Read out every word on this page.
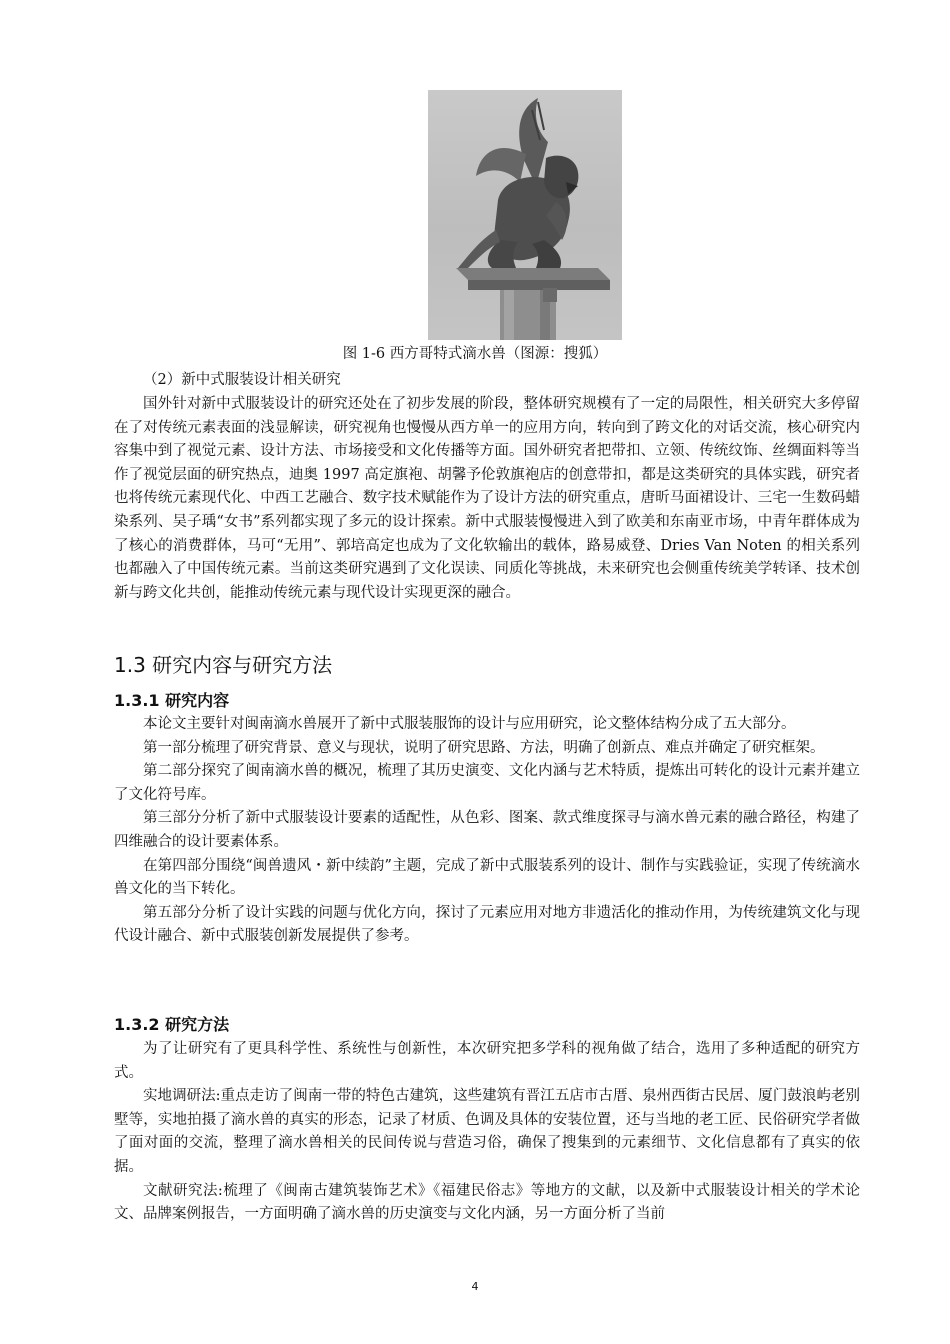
图 1-6 西方哥特式滴水兽（图源：搜狐）
（2）新中式服装设计相关研究

国外针对新中式服装设计的研究还处在了初步发展的阶段，整体研究规模有了一定的局限性，相关研究大多停留在了对传统元素表面的浅显解读，研究视角也慢慢从西方单一的应用方向，转向到了跨文化的对话交流，核心研究内容集中到了视觉元素、设计方法、市场接受和文化传播等方面。国外研究者把带扣、立领、传统纹饰、丝绸面料等当作了视觉层面的研究热点，迪奥 1997 高定旗袍、胡馨予伦敦旗袍店的创意带扣，都是这类研究的具体实践，研究者也将传统元素现代化、中西工艺融合、数字技术赋能作为了设计方法的研究重点，唐昕马面裙设计、三宅一生数码蜡染系列、吴子瑀“女书”系列都实现了多元的设计探索。新中式服装慢慢进入到了欧美和东南亚市场，中青年群体成为了核心的消费群体，马可“无用”、郭培高定也成为了文化软输出的载体，路易威登、Dries Van Noten 的相关系列也都融入了中国传统元素。当前这类研究遇到了文化误读、同质化等挑战，未来研究也会侧重传统美学转译、技术创新与跨文化共创，能推动传统元素与现代设计实现更深的融合。

1.3 研究内容与研究方法
1.3.1 研究内容

本论文主要针对闽南滴水兽展开了新中式服装服饰的设计与应用研究，论文整体结构分成了五大部分。

第一部分梳理了研究背景、意义与现状，说明了研究思路、方法，明确了创新点、难点并确定了研究框架。

第二部分探究了闽南滴水兽的概况，梳理了其历史演变、文化内涵与艺术特质，提炼出可转化的设计元素并建立了文化符号库。

第三部分分析了新中式服装设计要素的适配性，从色彩、图案、款式维度探寻与滴水兽元素的融合路径，构建了四维融合的设计要素体系。

在第四部分围绕“闽兽遗风・新中续韵”主题，完成了新中式服装系列的设计、制作与实践验证，实现了传统滴水兽文化的当下转化。

第五部分分析了设计实践的问题与优化方向，探讨了元素应用对地方非遗活化的推动作用，为传统建筑文化与现代设计融合、新中式服装创新发展提供了参考。

1.3.2 研究方法

为了让研究有了更具科学性、系统性与创新性，本次研究把多学科的视角做了结合，选用了多种适配的研究方式。

实地调研法:重点走访了闽南一带的特色古建筑，这些建筑有晋江五店市古厝、泉州西街古民居、厦门鼓浪屿老别墅等，实地拍摄了滴水兽的真实的形态，记录了材质、色调及具体的安装位置，还与当地的老工匠、民俗研究学者做了面对面的交流，整理了滴水兽相关的民间传说与营造习俗，确保了搜集到的元素细节、文化信息都有了真实的依据。

文献研究法:梳理了《闽南古建筑装饰艺术》《福建民俗志》等地方的文献，以及新中式服装设计相关的学术论文、品牌案例报告，一方面明确了滴水兽的历史演变与文化内涵，另一方面分析了当前

4
